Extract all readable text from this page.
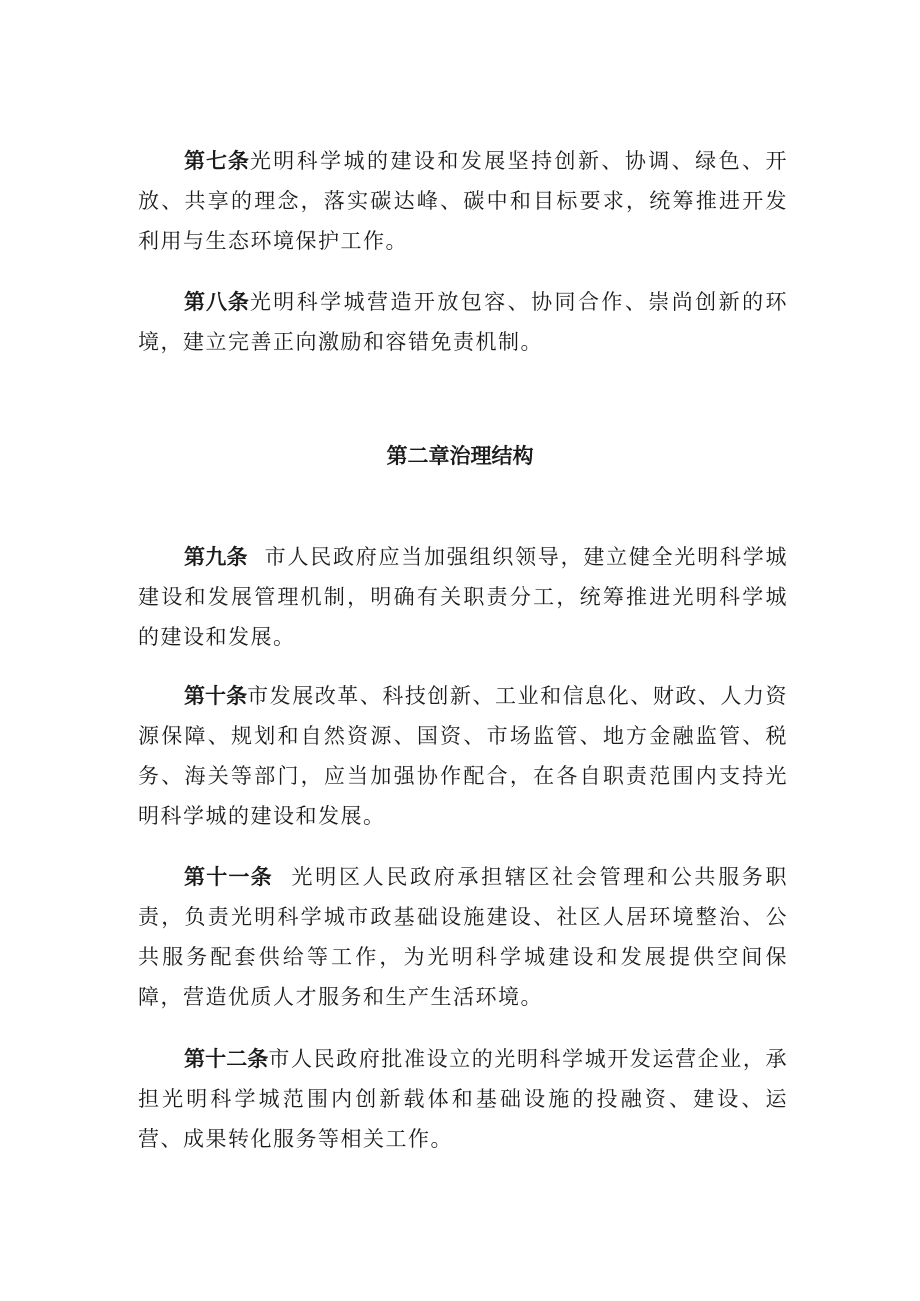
第七条光明科学城的建设和发展坚持创新、协调、绿色、开放、共享的理念，落实碳达峰、碳中和目标要求，统筹推进开发利用与生态环境保护工作。

第八条光明科学城营造开放包容、协同合作、崇尚创新的环境，建立完善正向激励和容错免责机制。

第二章治理结构

第九条  市人民政府应当加强组织领导，建立健全光明科学城建设和发展管理机制，明确有关职责分工，统筹推进光明科学城的建设和发展。

第十条市发展改革、科技创新、工业和信息化、财政、人力资源保障、规划和自然资源、国资、市场监管、地方金融监管、税务、海关等部门，应当加强协作配合，在各自职责范围内支持光明科学城的建设和发展。

第十一条  光明区人民政府承担辖区社会管理和公共服务职责，负责光明科学城市政基础设施建设、社区人居环境整治、公共服务配套供给等工作，为光明科学城建设和发展提供空间保障，营造优质人才服务和生产生活环境。

第十二条市人民政府批准设立的光明科学城开发运营企业，承担光明科学城范围内创新载体和基础设施的投融资、建设、运营、成果转化服务等相关工作。
